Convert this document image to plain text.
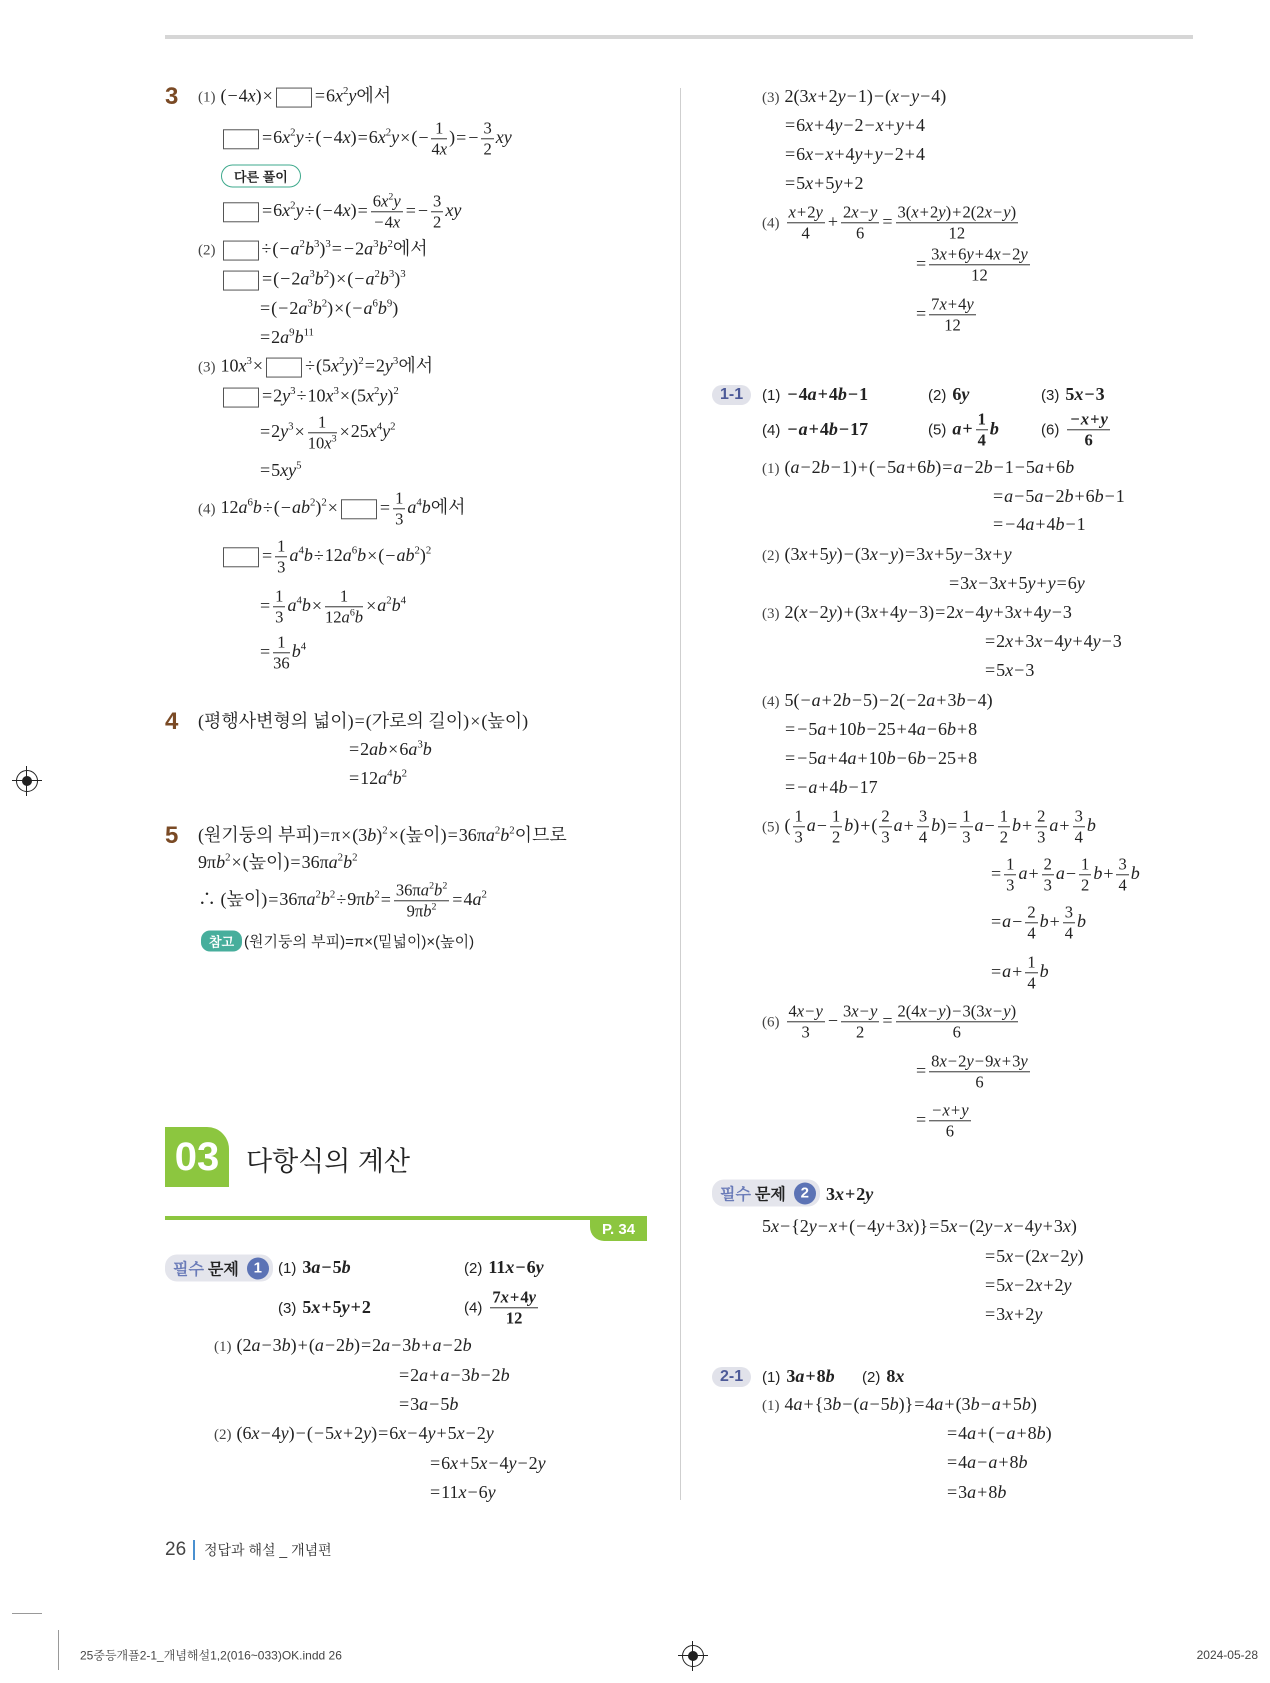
3 (1) $(-4x)\times =6x^2y$에서
$=6x^2y\div(-4x)=6x^2y\times(- \frac{1}{4x}$ )= − $\frac{3}{2}$ xy
다른 풀이
$=6x^2y\div(-4x)= \frac{6x^2y}{-4x}$ = − $\frac{3}{2}$ xy
(2)	$\div(-a^2b^3)^3= -2a^3b^2$에서
$=(-2a^3b^2)\times(-a^2b^3)^3$
$=(-2a^3b^2)\times(-a^6b^9)$
$=2a^9b^{11}$
(3) $10x^3\times \div(5x^2y)^2=2y^3$에서
$=2y^3\div 10x^3\times(5x^2y)^2$
$=2y^3\times \frac{1}{10x^3} \times 25x^4y^2$
$=5xy^5$
(4) $12a^6b\div(-ab^2)^2\times = \frac{1}{3} a^4b$에서
= $\frac{1}{3} a^4b\div 12a^6b\times(-ab^2)^2$
= $\frac{1}{3} a^4b\times \frac{1}{12a^6b} \times a^2b^4$
= $\frac{1}{36} b^4$
4 (평행사변형의 넓이)=(가로의 길이)×(높이)
$=2ab\times 6a^3b$
$=12a^4b^2$
5 (원기둥의 부피)$=\pi\times(3b)^2\times$(높이)$=36\pi a^2b^2$이므로
$9\pi b^2\times$(높이)$=36\pi a^2b^2$
∴ (높이)$=36\pi a^2b^2\div 9\pi b^2= \frac{36\pi a^2b^2}{9\pi b^2} =4a^2$
참고 (원기둥의 부피)=π×(밑넓이)×(높이)
03 다항식의 계산
P. 34
필수 문제 1	(1) 3a−5b	(2) 11x−6y
(3) 5x+5y+2	$(4) \frac{7x+4y}{12}$
(1) (2a−3b)+(a−2b)=2a−3b+a−2b
=2a+a−3b−2b
=3a−5b
(2) (6x−4y)−(−5x+2y)=6x−4y+5x−2y
=6x+5x−4y−2y
=11x−6y
(3) 2(3x+2y−1)−(x−y−4)
=6x+4y−2−x+y+4
=6x−x+4y+y−2+4
=5x+5y+2
$(4) \frac{x+2y}{4} + \frac{2x-y}{6} = \frac{3(x+2y)+2(2x-y)}{12}$
= $\frac{3x+6y+4x-2y}{12}$
= $\frac{7x+4y}{12}$
1-1	(1) −4a+4b−1	(2) 6y	(3) 5x−3
(4) −a+4b−17	(5) $a+ \frac{1}{4}$ b	$(6) \frac{-x+y}{6}$
(1) (a−2b−1)+(−5a+6b)=a−2b−1−5a+6b
=a−5a−2b+6b−1
= −4a+4b−1
(2) (3x+5y)−(3x−y)=3x+5y−3x+y
=3x−3x+5y+y=6y
(3) 2(x−2y)+(3x+4y−3)=2x−4y+3x+4y−3
=2x+3x−4y+4y−3
=5x−3
(4) 5(−a+2b−5)−2(−2a+3b−4)
= −5a+10b−25+4a−6b+8
= −5a+4a+10b−6b−25+8
= −a+4b−17
(5) ( $\frac{1}{3} a- \frac{1}{2} b)+( \frac{2}{3} a+ \frac{3}{4} b)= \frac{1}{3} a- \frac{1}{2} b+ \frac{2}{3} a+ \frac{3}{4}$ b
= $\frac{1}{3} a+ \frac{2}{3} a- \frac{1}{2} b+ \frac{3}{4}$ b
$=a- \frac{2}{4} b+ \frac{3}{4}$ b
$=a+ \frac{1}{4}$ b
$(6) \frac{4x-y}{3} - \frac{3x-y}{2} = \frac{2(4x-y)-3(3x-y)}{6}$
= $\frac{8x-2y-9x+3y}{6}$
= $\frac{-x+y}{6}$
필수 문제 2 3x+2y
5x−{2y−x+(−4y+3x)}=5x−(2y−x−4y+3x)
=5x−(2x−2y)
=5x−2x+2y
=3x+2y
2-1	(1) 3a+8b (2) 8x
(1) 4a+{3b−(a−5b)}=4a+(3b−a+5b)
=4a+(−a+8b)
=4a−a+8b
=3a+8b
26 정답과 해설 _ 개념편
25중등개플2-1_개념해설1,2(016~033)OK.indd 26	2024-05-28
